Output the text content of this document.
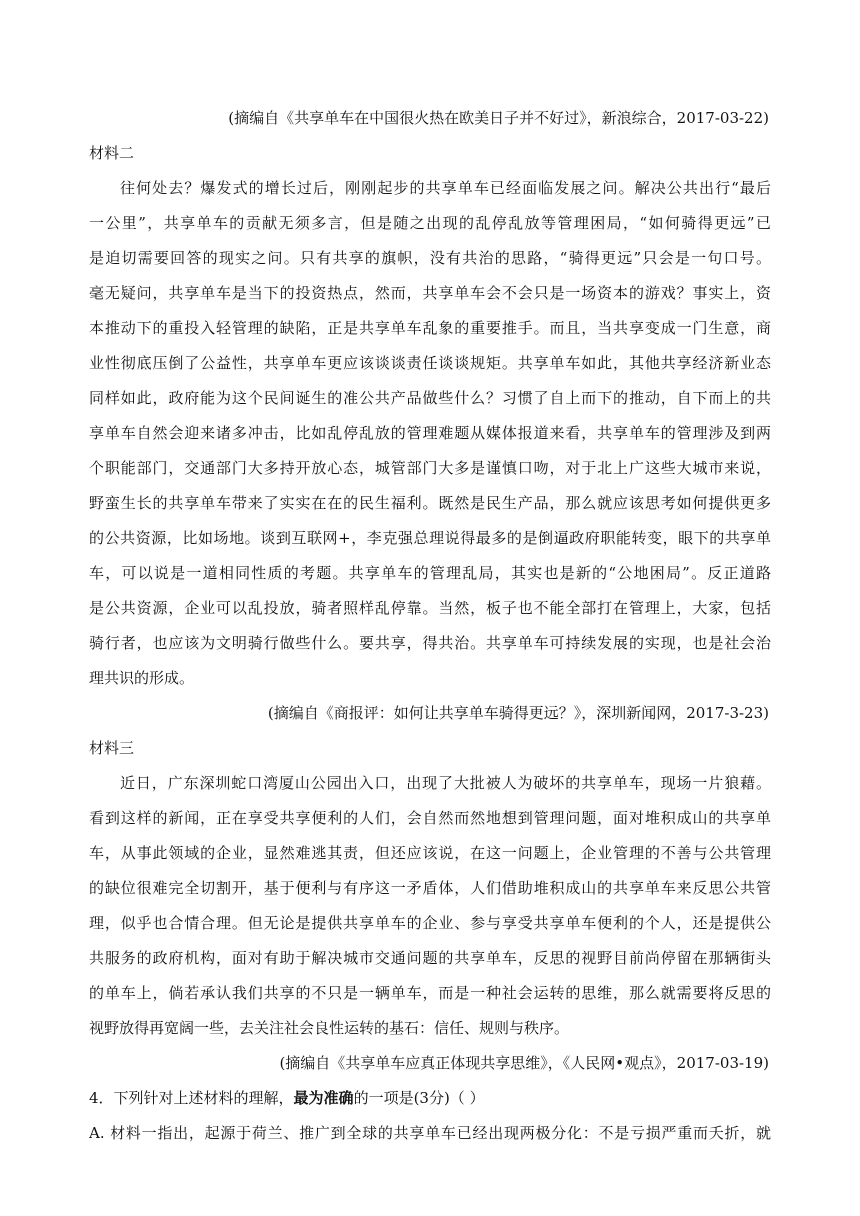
(摘编自《共享单车在中国很火热在欧美日子并不好过》，新浪综合，2017-03-22)
材料二
往何处去？爆发式的增长过后，刚刚起步的共享单车已经面临发展之问。解决公共出行“最后
一公里”，共享单车的贡献无须多言，但是随之出现的乱停乱放等管理困局，“如何骑得更远”已
是迫切需要回答的现实之问。只有共享的旗帜，没有共治的思路，“骑得更远”只会是一句口号。
毫无疑问，共享单车是当下的投资热点，然而，共享单车会不会只是一场资本的游戏？事实上，资
本推动下的重投入轻管理的缺陷，正是共享单车乱象的重要推手。而且，当共享变成一门生意，商
业性彻底压倒了公益性，共享单车更应该谈谈责任谈谈规矩。共享单车如此，其他共享经济新业态
同样如此，政府能为这个民间诞生的准公共产品做些什么？习惯了自上而下的推动，自下而上的共
享单车自然会迎来诸多冲击，比如乱停乱放的管理难题从媒体报道来看，共享单车的管理涉及到两
个职能部门，交通部门大多持开放心态，城管部门大多是谨慎口吻，对于北上广这些大城市来说，
野蛮生长的共享单车带来了实实在在的民生福利。既然是民生产品，那么就应该思考如何提供更多
的公共资源，比如场地。谈到互联网+，李克强总理说得最多的是倒逼政府职能转变，眼下的共享单
车，可以说是一道相同性质的考题。共享单车的管理乱局，其实也是新的“公地困局”。反正道路
是公共资源，企业可以乱投放，骑者照样乱停靠。当然，板子也不能全部打在管理上，大家，包括
骑行者，也应该为文明骑行做些什么。要共享，得共治。共享单车可持续发展的实现，也是社会治
理共识的形成。
(摘编自《商报评：如何让共享单车骑得更远？》，深圳新闻网，2017-3-23)
材料三
近日，广东深圳蛇口湾厦山公园出入口，出现了大批被人为破坏的共享单车，现场一片狼藉。
看到这样的新闻，正在享受共享便利的人们，会自然而然地想到管理问题，面对堆积成山的共享单
车，从事此领域的企业，显然难逃其责，但还应该说，在这一问题上，企业管理的不善与公共管理
的缺位很难完全切割开，基于便利与有序这一矛盾体，人们借助堆积成山的共享单车来反思公共管
理，似乎也合情合理。但无论是提供共享单车的企业、参与享受共享单车便利的个人，还是提供公
共服务的政府机构，面对有助于解决城市交通问题的共享单车，反思的视野目前尚停留在那辆街头
的单车上，倘若承认我们共享的不只是一辆单车，而是一种社会运转的思维，那么就需要将反思的
视野放得再宽阔一些，去关注社会良性运转的基石：信任、规则与秩序。
(摘编自《共享单车应真正体现共享思维》，《人民网•观点》，2017-03-19)
4．下列针对上述材料的理解，最为准确的一项是(3分)（ ）
A. 材料一指出，起源于荷兰、推广到全球的共享单车已经出现两极分化：不是亏损严重而夭折，就
